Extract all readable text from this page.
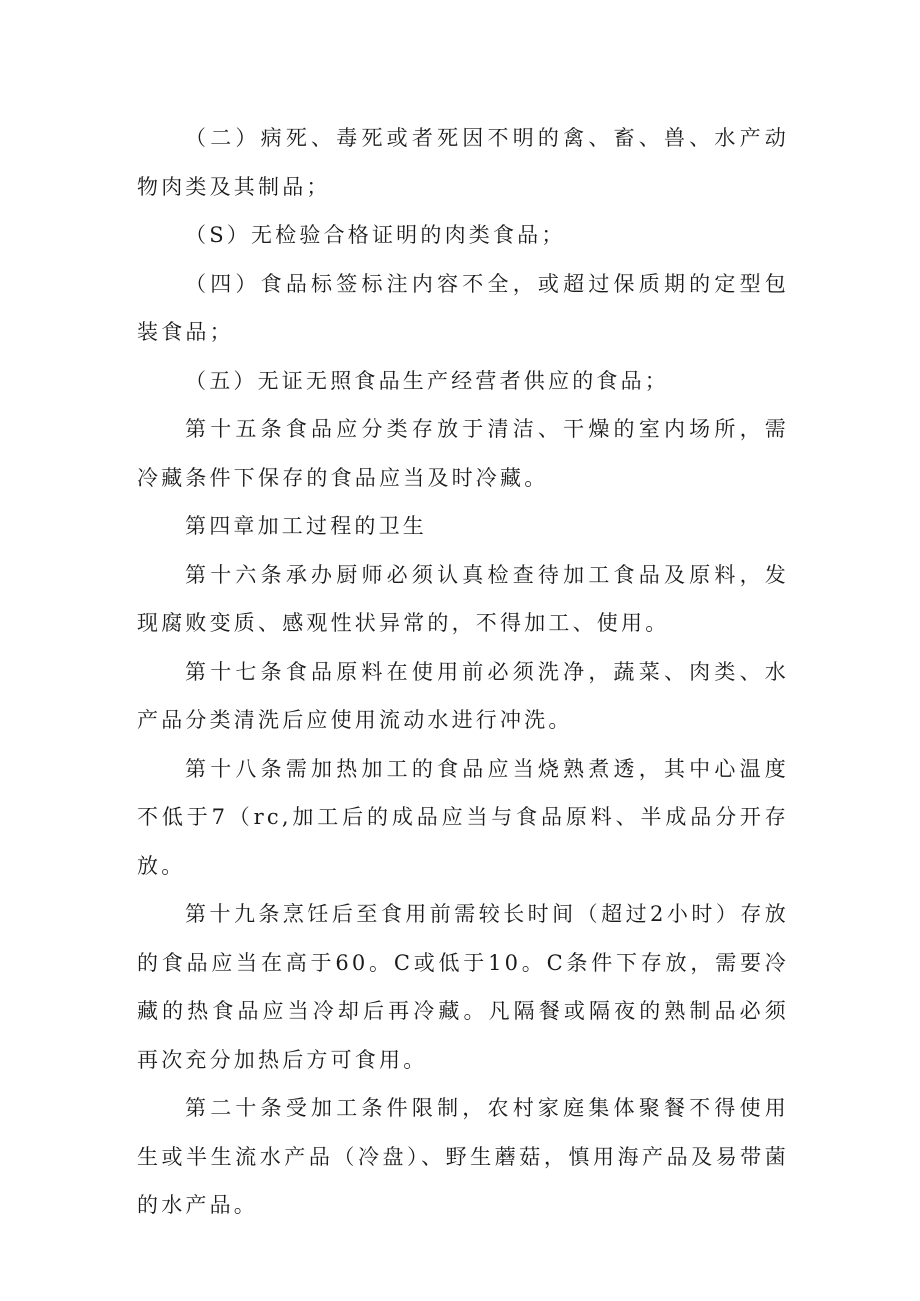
（二）病死、毒死或者死因不明的禽、畜、兽、水产动物肉类及其制品；

（S）无检验合格证明的肉类食品；

（四）食品标签标注内容不全，或超过保质期的定型包装食品；

（五）无证无照食品生产经营者供应的食品；

第十五条食品应分类存放于清洁、干燥的室内场所，需冷藏条件下保存的食品应当及时冷藏。

第四章加工过程的卫生

第十六条承办厨师必须认真检查待加工食品及原料，发现腐败变质、感观性状异常的，不得加工、使用。

第十七条食品原料在使用前必须洗净，蔬菜、肉类、水产品分类清洗后应使用流动水进行冲洗。

第十八条需加热加工的食品应当烧熟煮透，其中心温度不低于7（rc,加工后的成品应当与食品原料、半成品分开存放。

第十九条烹饪后至食用前需较长时间（超过2小时）存放的食品应当在高于60。C或低于10。C条件下存放，需要冷藏的热食品应当冷却后再冷藏。凡隔餐或隔夜的熟制品必须再次充分加热后方可食用。

第二十条受加工条件限制，农村家庭集体聚餐不得使用生或半生流水产品（冷盘）、野生蘑菇，慎用海产品及易带菌的水产品。
